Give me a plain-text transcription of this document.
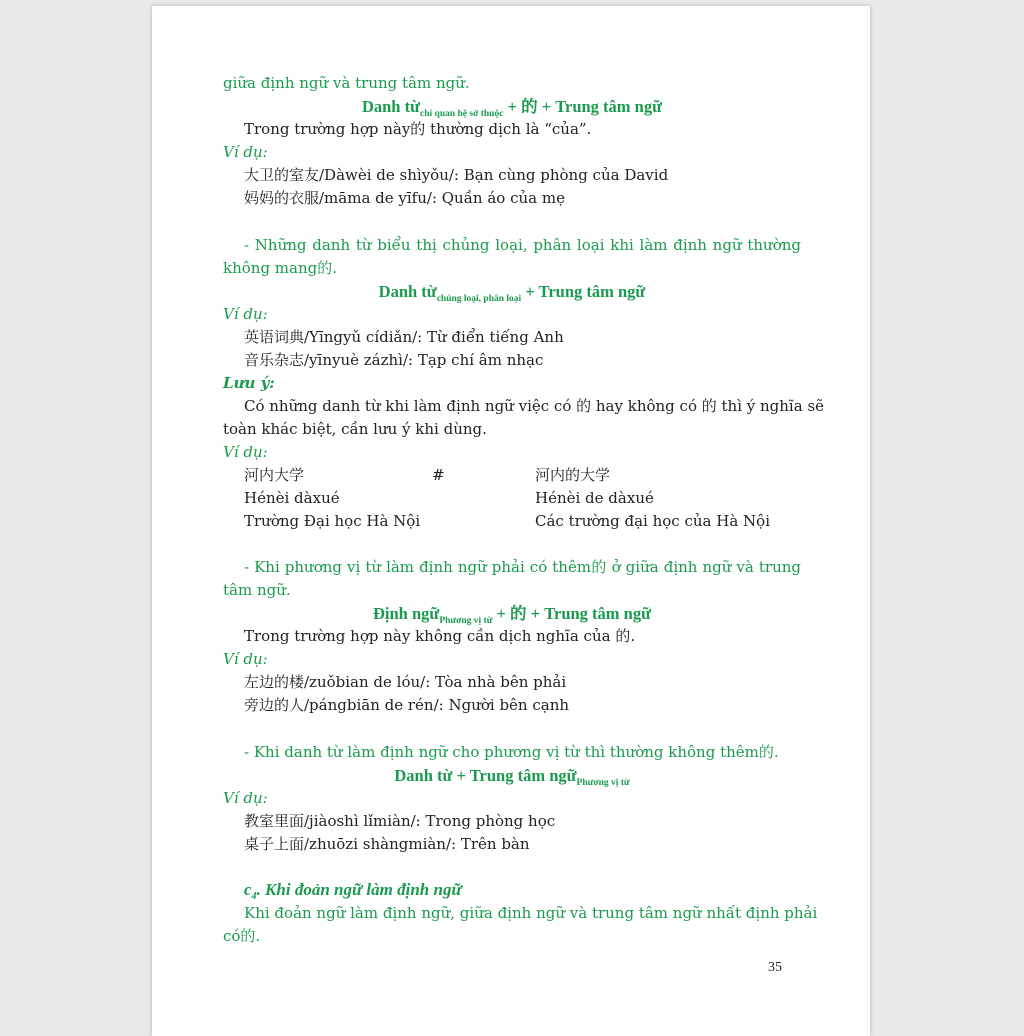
giữa định ngữ và trung tâm ngữ.
Danh từ$_{chỉ quan hệ sở thuộc}$ + 的 + Trung tâm ngữ
Trong trường hợp này的 thường dịch là “của”.
Ví dụ:
大卫的室友/Dàwèi de shìyǒu/: Bạn cùng phòng của David
妈妈的衣服/māma de yīfu/: Quần áo của mẹ
- Những danh từ biểu thị chủng loại, phân loại khi làm định ngữ thường
không mang的.
Danh từ$_{chủng loại, phân loại}$ + Trung tâm ngữ
Ví dụ:
英语词典/Yīngyǔ cídiǎn/: Từ điển tiếng Anh
音乐杂志/yīnyuè zázhì/: Tạp chí âm nhạc
Lưu ý:
Có những danh từ khi làm định ngữ việc có 的 hay không có 的 thì ý nghĩa sẽ
toàn khác biệt, cần lưu ý khi dùng.
Ví dụ:
河内大学	#	河内的大学
Hénèi dàxué	Hénèi de dàxué
Trường Đại học Hà Nội	Các trường đại học của Hà Nội
- Khi phương vị từ làm định ngữ phải có thêm的 ở giữa định ngữ và trung
tâm ngữ.
Định ngữ$_{Phương vị từ}$ + 的 + Trung tâm ngữ
Trong trường hợp này không cần dịch nghĩa của 的.
Ví dụ:
左边的楼/zuǒbian de lóu/: Tòa nhà bên phải
旁边的人/pángbiān de rén/: Người bên cạnh
- Khi danh từ làm định ngữ cho phương vị từ thì thường không thêm的.
Danh từ + Trung tâm ngữ$_{Phương vị từ}$
Ví dụ:
教室里面/jiàoshì lǐmiàn/: Trong phòng học
桌子上面/zhuōzi shàngmiàn/: Trên bàn
$c_4$. Khi đoản ngữ làm định ngữ
Khi đoản ngữ làm định ngữ, giữa định ngữ và trung tâm ngữ nhất định phải
có的.
35
